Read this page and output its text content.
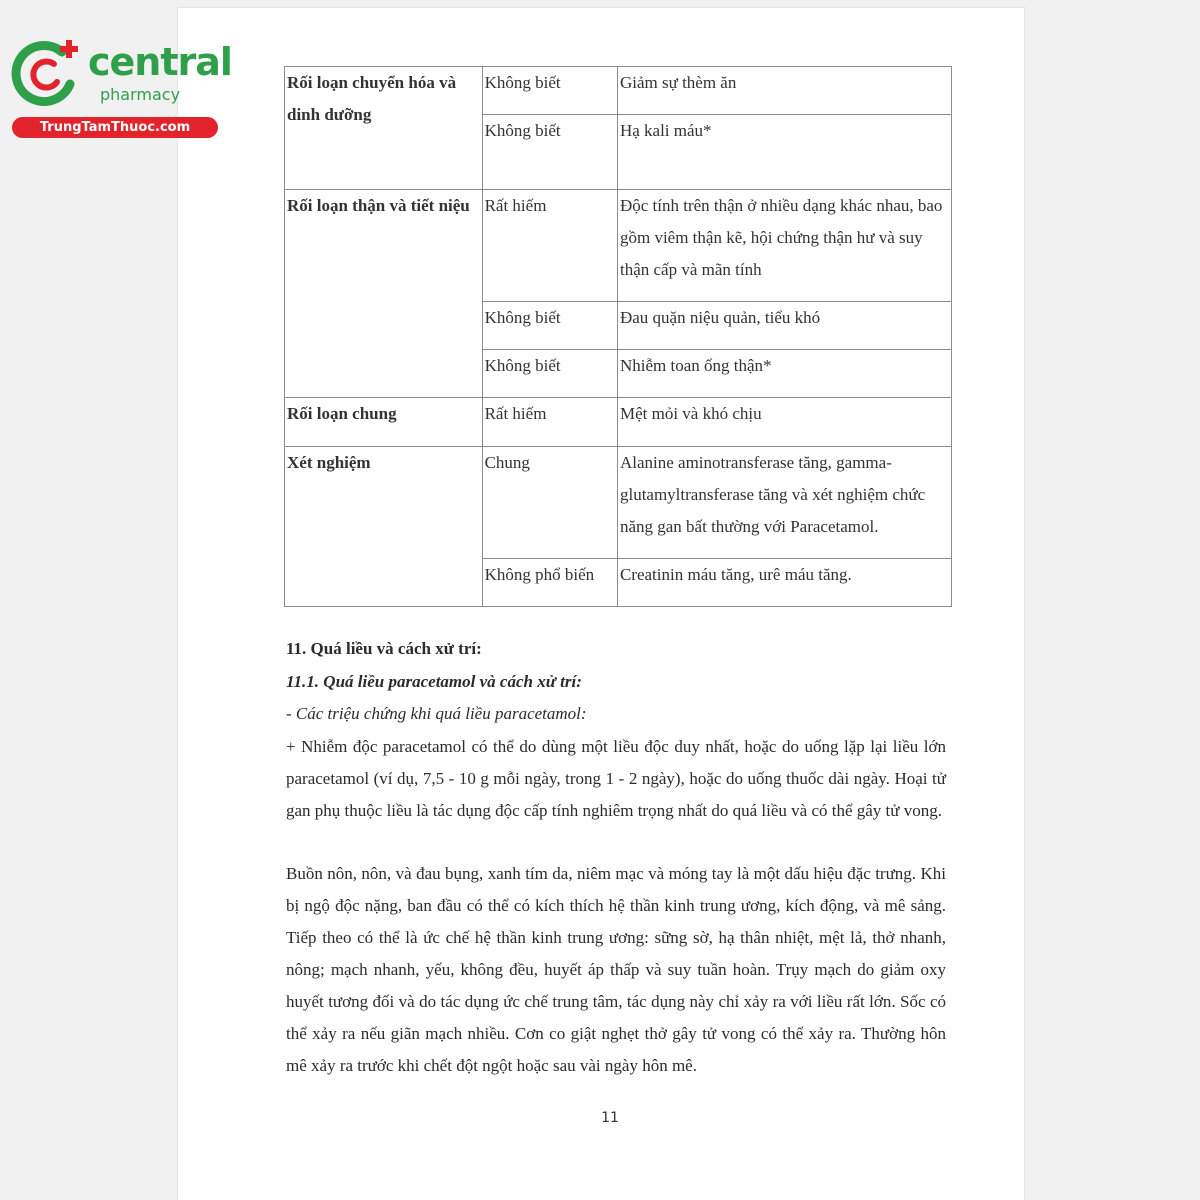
central
pharmacy
TrungTamThuoc.com
Rối loạn chuyển hóa và dinh dưỡng	Không biết	Giảm sự thèm ăn
	Không biết	Hạ kali máu*
Rối loạn thận và tiết niệu	Rất hiếm	Độc tính trên thận ở nhiều dạng khác nhau, bao gồm viêm thận kẽ, hội chứng thận hư và suy thận cấp và mãn tính
	Không biết	Đau quặn niệu quản, tiểu khó
	Không biết	Nhiễm toan ống thận*
Rối loạn chung	Rất hiếm	Mệt mỏi và khó chịu
Xét nghiệm	Chung	Alanine aminotransferase tăng, gamma-glutamyltransferase tăng và xét nghiệm chức năng gan bất thường với Paracetamol.
	Không phổ biến	Creatinin máu tăng, urê máu tăng.
11. Quá liều và cách xử trí:
11.1. Quá liều paracetamol và cách xử trí:
- Các triệu chứng khi quá liều paracetamol:
+ Nhiễm độc paracetamol có thể do dùng một liều độc duy nhất, hoặc do uống lặp lại liều lớn paracetamol (ví dụ, 7,5 - 10 g mỗi ngày, trong 1 - 2 ngày), hoặc do uống thuốc dài ngày. Hoại tử gan phụ thuộc liều là tác dụng độc cấp tính nghiêm trọng nhất do quá liều và có thể gây tử vong.
Buồn nôn, nôn, và đau bụng, xanh tím da, niêm mạc và móng tay là một dấu hiệu đặc trưng. Khi bị ngộ độc nặng, ban đầu có thể có kích thích hệ thần kinh trung ương, kích động, và mê sảng. Tiếp theo có thể là ức chế hệ thần kinh trung ương: sững sờ, hạ thân nhiệt, mệt lả, thở nhanh, nông; mạch nhanh, yếu, không đều, huyết áp thấp và suy tuần hoàn. Trụy mạch do giảm oxy huyết tương đối và do tác dụng ức chế trung tâm, tác dụng này chỉ xảy ra với liều rất lớn. Sốc có thể xảy ra nếu giãn mạch nhiều. Cơn co giật nghẹt thở gây tử vong có thể xảy ra. Thường hôn mê xảy ra trước khi chết đột ngột hoặc sau vài ngày hôn mê.
11
